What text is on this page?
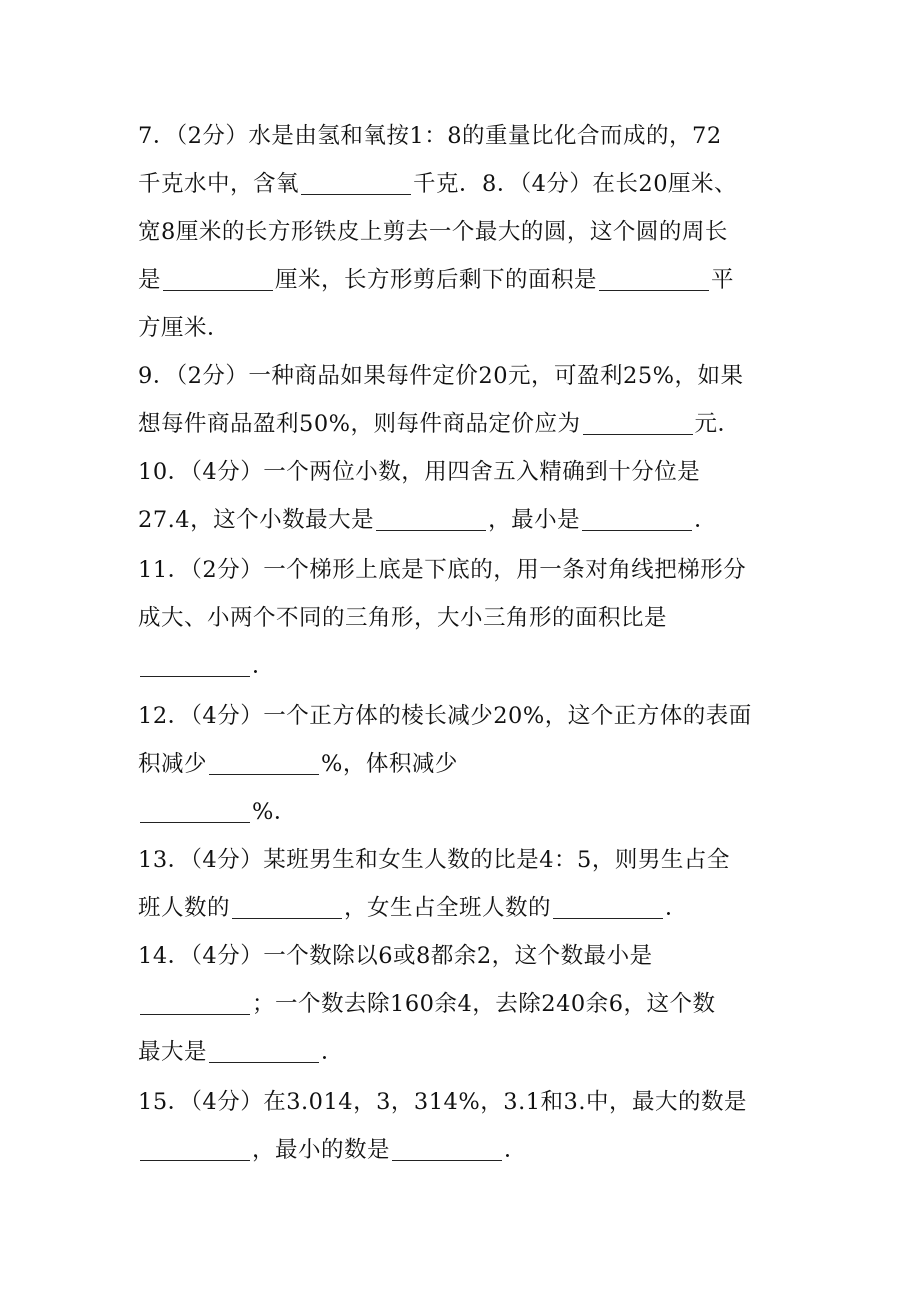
7．（2分）水是由氢和氧按1：8的重量比化合而成的，72
千克水中，含氧	千克．8．（4分）在长20厘米、
宽8厘米的长方形铁皮上剪去一个最大的圆，这个圆的周长
是	厘米，长方形剪后剩下的面积是	平
方厘米．
9．（2分）一种商品如果每件定价20元，可盈利25%，如果
想每件商品盈利50%，则每件商品定价应为	元．
10．（4分）一个两位小数，用四舍五入精确到十分位是
27.4，这个小数最大是	，最小是	．
11．（2分）一个梯形上底是下底的，用一条对角线把梯形分
成大、小两个不同的三角形，大小三角形的面积比是
．
12．（4分）一个正方体的棱长减少20%，这个正方体的表面
积减少	%，体积减少
%．
13．（4分）某班男生和女生人数的比是4：5，则男生占全
班人数的	，女生占全班人数的	．
14．（4分）一个数除以6或8都余2，这个数最小是
；一个数去除160余4，去除240余6，这个数
最大是	．
15．（4分）在3.014，3，314%，3.1和3.中，最大的数是
，最小的数是	．
